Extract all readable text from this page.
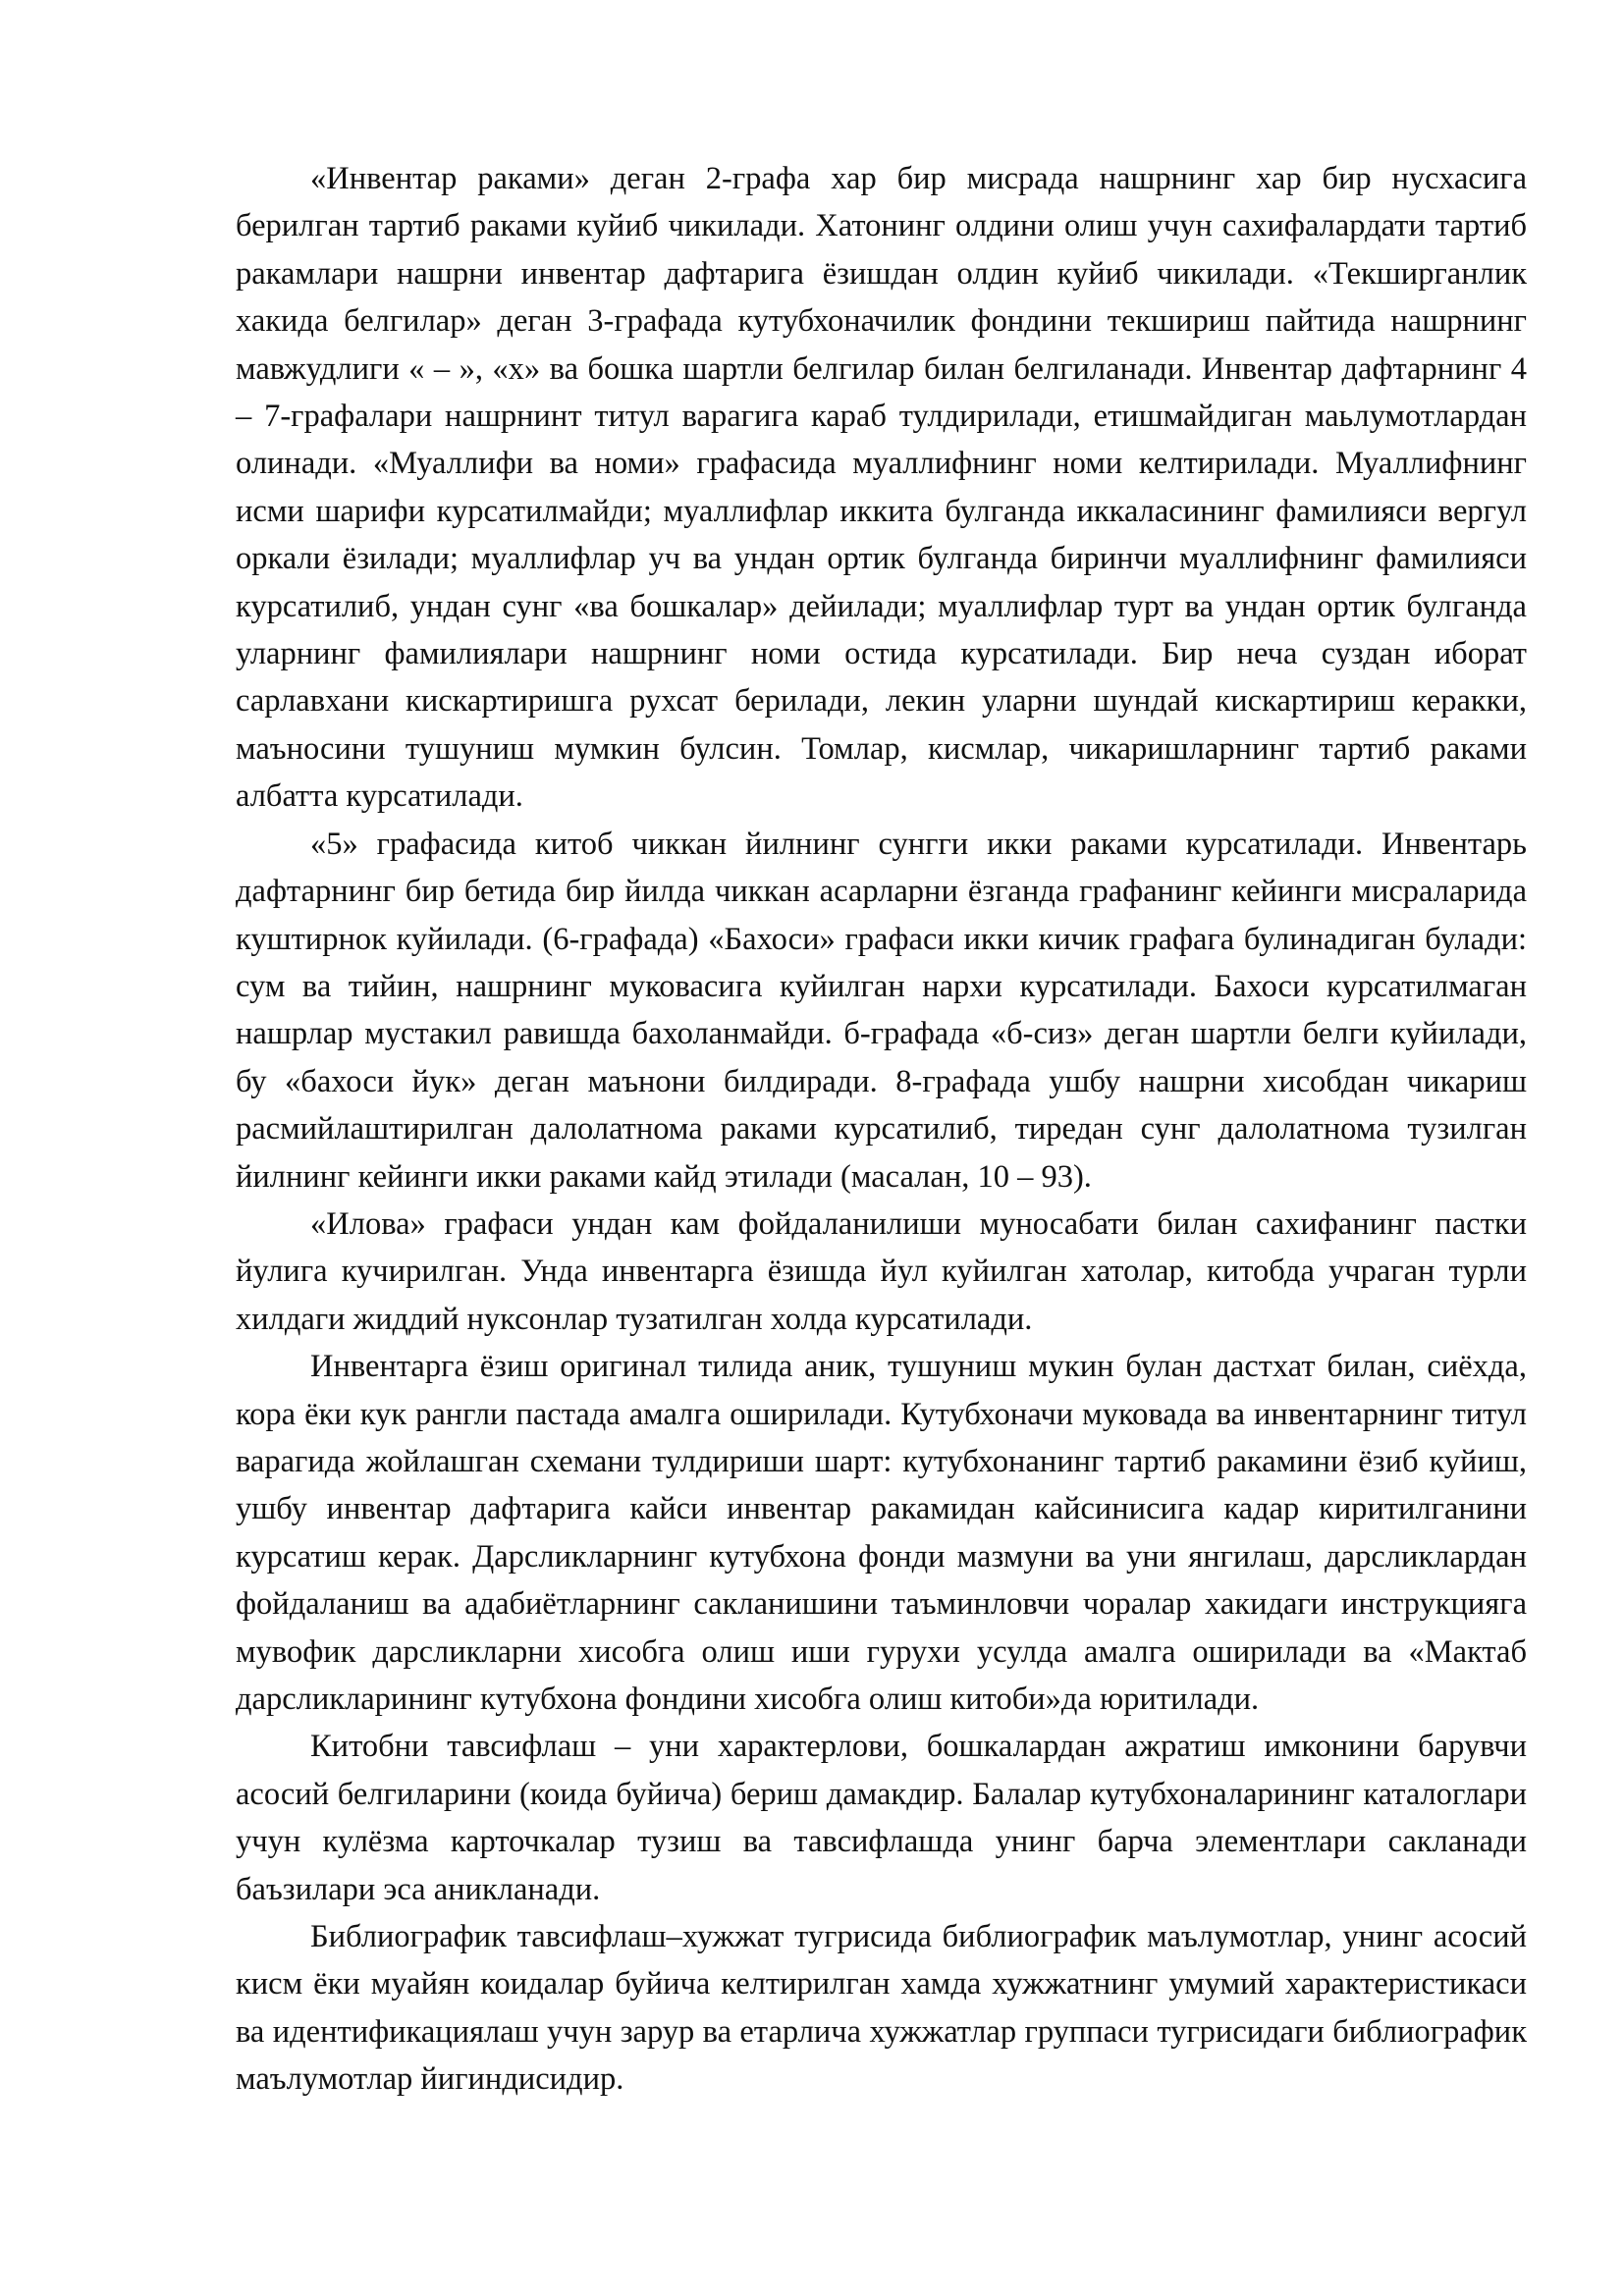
«Инвентар раками» деган 2-графа хар бир мисрада нашрнинг хар бир нусхасига берилган тартиб раками куйиб чикилади. Хатонинг олдини олиш учун сахифалардати тартиб ракамлари нашрни инвентар дафтарига ёзишдан олдин куйиб чикилади. «Текширганлик хакида белгилар» деган 3-графада кутубхоначилик фондини текшириш пайтида нашрнинг мавжудлиги « – », «х» ва бошка шартли белгилар билан белгиланади. Инвентар дафтарнинг 4 – 7-графалари нашрнинт титул варагига караб тулдирилади, етишмайдиган маьлумотлардан олинади. «Муаллифи ва номи» графасида муаллифнинг номи келтирилади. Муаллифнинг исми шарифи курсатилмайди; муаллифлар иккита булганда иккаласининг фамилияси вергул оркали ёзилади; муаллифлар уч ва ундан ортик булганда биринчи муаллифнинг фамилияси курсатилиб, ундан сунг «ва бошкалар» дейилади; муаллифлар турт ва ундан ортик булганда уларнинг фамилиялари нашрнинг номи остида курсатилади. Бир неча суздан иборат сарлавхани кискартиришга рухсат берилади, лекин уларни шундай кискартириш керакки, маъносини тушуниш мумкин булсин. Томлар, кисмлар, чикаришларнинг тартиб раками албатта курсатилади.

«5» графасида китоб чиккан йилнинг сунгги икки раками курсатилади. Инвентарь дафтарнинг бир бетида бир йилда чиккан асарларни ёзганда графанинг кейинги мисраларида куштирнок куйилади. (6-графада) «Бахоси» графаси икки кичик графага булинадиган булади: сум ва тийин, нашрнинг муковасига куйилган нархи курсатилади. Бахоси курсатилмаган нашрлар мустакил равишда бахоланмайди. б-графада «б-сиз» деган шартли белги куйилади, бу «бахоси йук» деган маънони билдиради. 8-графада ушбу нашрни хисобдан чикариш расмийлаштирилган далолатнома раками курсатилиб, тиредан сунг далолатнома тузилган йилнинг кейинги икки раками кайд этилади (масалан, 10 – 93).

«Илова» графаси ундан кам фойдаланилиши муносабати билан сахифанинг пастки йулига кучирилган. Унда инвентарга ёзишда йул куйилган хатолар, китобда учраган турли хилдаги жиддий нуксонлар тузатилган холда курсатилади.

Инвентарга ёзиш оригинал тилида аник, тушуниш мукин булан дастхат билан, сиёхда, кора ёки кук рангли пастада амалга оширилади. Кутубхоначи муковада ва инвентарнинг титул варагида жойлашган схемани тулдириши шарт: кутубхонанинг тартиб ракамини ёзиб куйиш, ушбу инвентар дафтарига кайси инвентар ракамидан кайсинисига кадар киритилганини курсатиш керак. Дарсликларнинг кутубхона фонди мазмуни ва уни янгилаш, дарсликлардан фойдаланиш ва адабиётларнинг сакланишини таъминловчи чоралар хакидаги инструкцияга мувофик дарсликларни хисобга олиш иши гурухи усулда амалга оширилади ва «Мактаб дарсликларининг кутубхона фондини хисобга олиш китоби»да юритилади.

Китобни тавсифлаш – уни характерлови, бошкалардан ажратиш имконини барувчи асосий белгиларини (коида буйича) бериш дамакдир. Балалар кутубхоналарининг каталоглари учун кулёзма карточкалар тузиш ва тавсифлашда унинг барча элементлари сакланади баъзилари эса аникланади.

Библиографик тавсифлаш–хужжат тугрисида библиографик маълумотлар, унинг асосий кисм ёки муайян коидалар буйича келтирилган хамда хужжатнинг умумий характеристикаси ва идентификациялаш учун зарур ва етарлича хужжатлар группаси тугрисидаги библиографик маълумотлар йигиндисидир.
